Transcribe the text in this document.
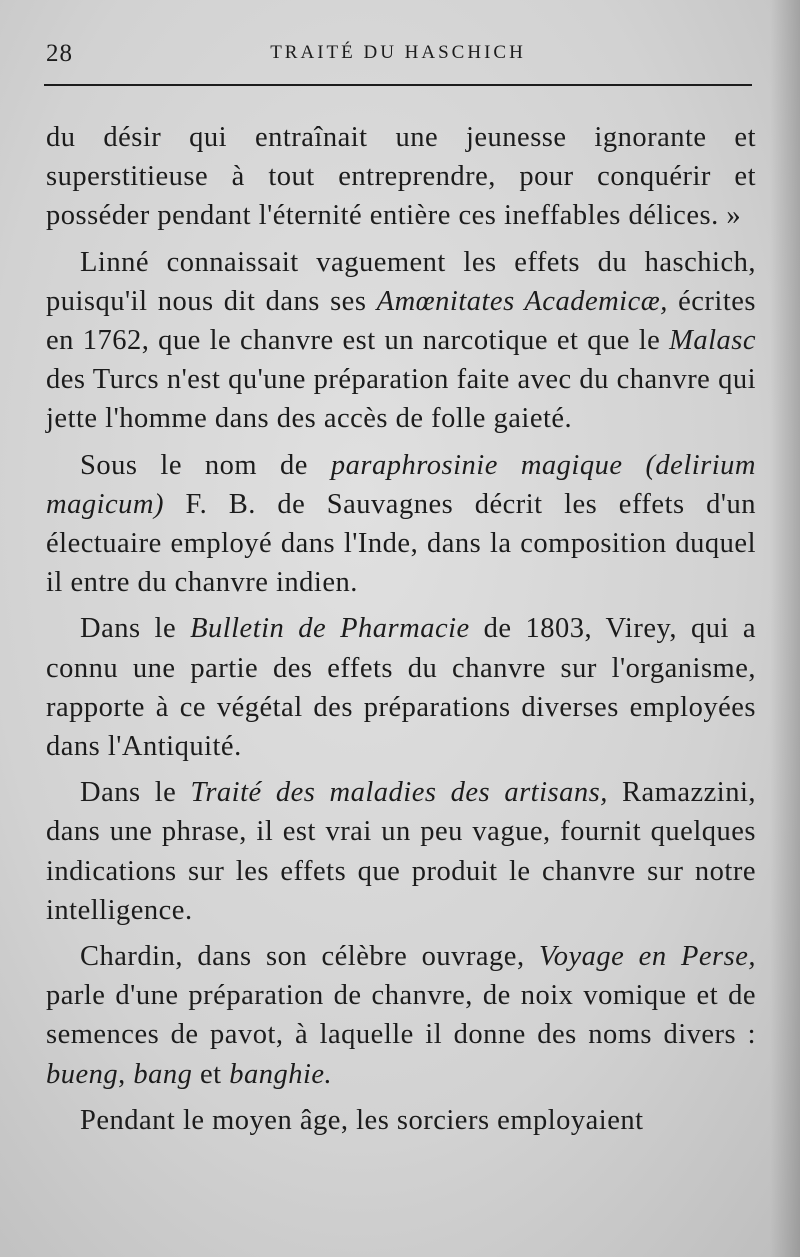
28	TRAITÉ DU HASCHICH

du désir qui entraînait une jeunesse ignorante et superstitieuse à tout entreprendre, pour conquérir et posséder pendant l'éternité entière ces ineffables délices. »

Linné connaissait vaguement les effets du haschich, puisqu'il nous dit dans ses Amœnitates Academicæ, écrites en 1762, que le chanvre est un narcotique et que le Malasc des Turcs n'est qu'une préparation faite avec du chanvre qui jette l'homme dans des accès de folle gaieté.

Sous le nom de paraphrosinie magique (delirium magicum) F. B. de Sauvagnes décrit les effets d'un électuaire employé dans l'Inde, dans la composition duquel il entre du chanvre indien.

Dans le Bulletin de Pharmacie de 1803, Virey, qui a connu une partie des effets du chanvre sur l'organisme, rapporte à ce végétal des préparations diverses employées dans l'Antiquité.

Dans le Traité des maladies des artisans, Ramazzini, dans une phrase, il est vrai un peu vague, fournit quelques indications sur les effets que produit le chanvre sur notre intelligence.

Chardin, dans son célèbre ouvrage, Voyage en Perse, parle d'une préparation de chanvre, de noix vomique et de semences de pavot, à laquelle il donne des noms divers : bueng, bang et banghie.

Pendant le moyen âge, les sorciers employaient
